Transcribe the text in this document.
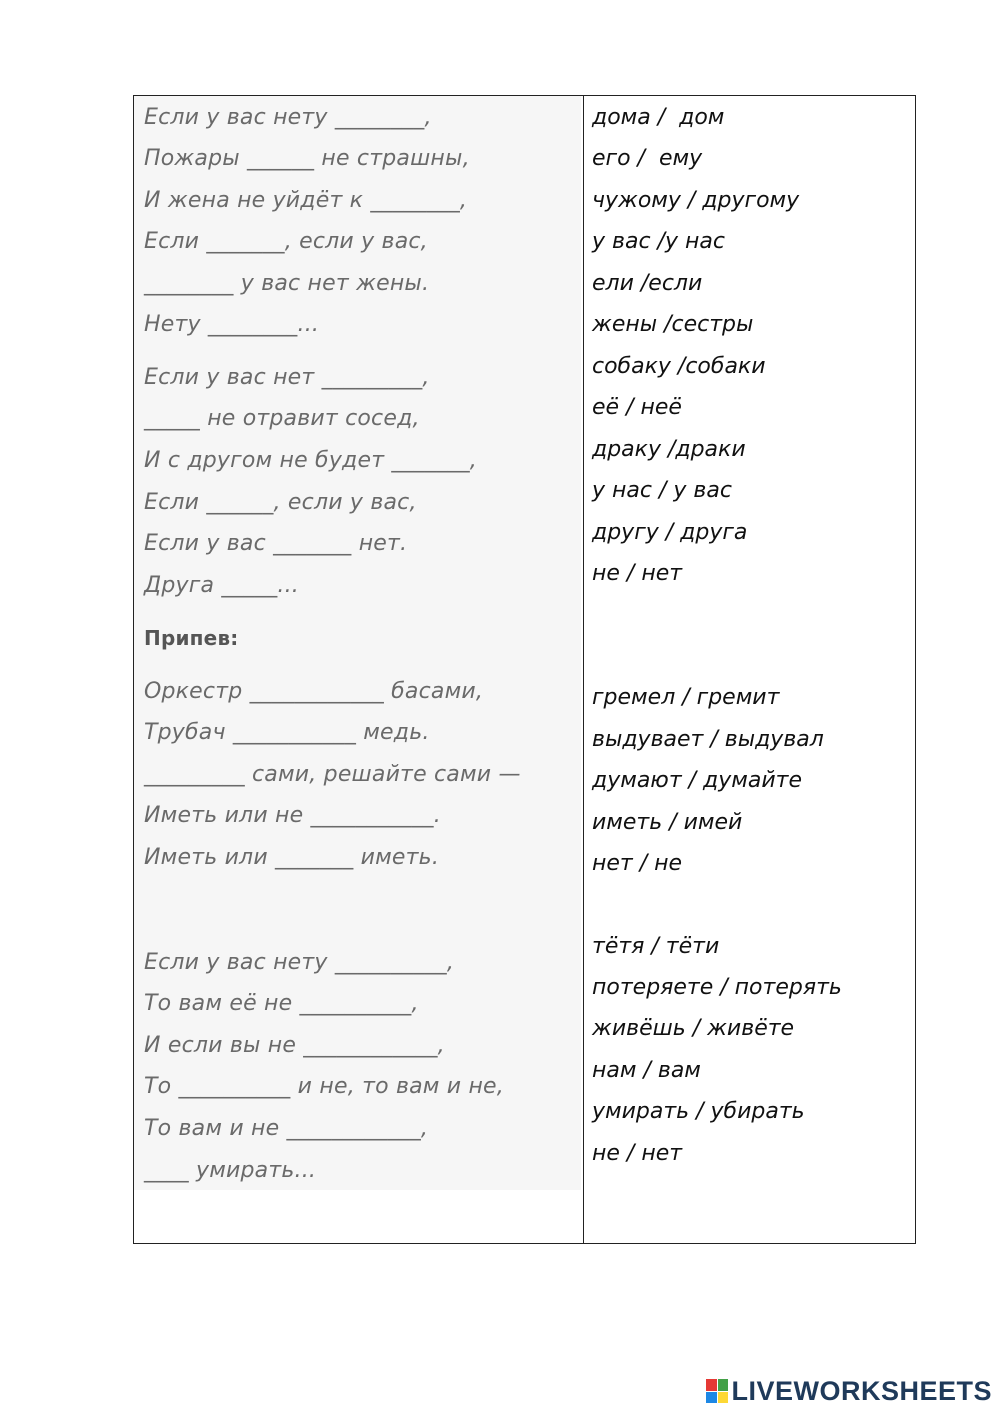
Если у вас нету ________,
Пожары ______ не страшны,
И жена не уйдёт к ________,
Если _______, если у вас,
________ у вас нет жены.
Нету ________...
Если у вас нет _________,
_____ не отравит сосед,
И с другом не будет _______,
Если ______, если у вас,
Если у вас _______ нет.
Друга _____...
Припев:
Оркестр ____________ басами,
Трубач ___________ медь.
_________ сами, решайте сами —
Иметь или не ___________.
Иметь или _______ иметь.
Если у вас нету __________,
То вам её не __________,
И если вы не ____________,
То __________ и не, то вам и не,
То вам и не ____________,
____ умирать...
дома /  дом
его /  ему
чужому / другому
у вас /у нас
ели /если
жены /сестры
собаку /собаки
её / неё
драку /драки
у нас / у вас
другу / друга
не / нет
гремел / гремит
выдувает / выдувал
думают / думайте
иметь / имей
нет / не
тётя / тёти
потеряете / потерять
живёшь / живёте
нам / вам
умирать / убирать
не / нет
LIVEWORKSHEETS
